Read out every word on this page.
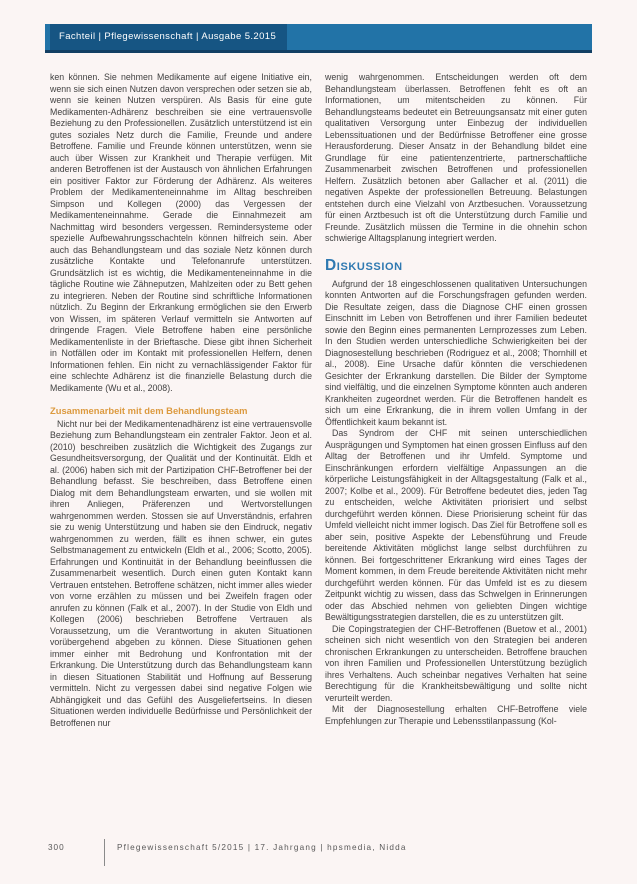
Fachteil | Pflegewissenschaft | Ausgabe 5.2015

ken können. Sie nehmen Medikamente auf eigene Initiative ein, wenn sie sich einen Nutzen davon versprechen oder setzen sie ab, wenn sie keinen Nutzen verspüren. Als Basis für eine gute Medikamenten-Adhärenz beschreiben sie eine vertrauensvolle Beziehung zu den Professionellen. Zusätzlich unterstützend ist ein gutes soziales Netz durch die Familie, Freunde und andere Betroffene. Familie und Freunde können unterstützen, wenn sie auch über Wissen zur Krankheit und Therapie verfügen. Mit anderen Betroffenen ist der Austausch von ähnlichen Erfahrungen ein positiver Faktor zur Förderung der Adhärenz. Als weiteres Problem der Medikamenteneinnahme im Alltag beschreiben Simpson und Kollegen (2000) das Vergessen der Medikamenteneinnahme. Gerade die Einnahmezeit am Nachmittag wird besonders vergessen. Remindersysteme oder spezielle Aufbewahrungsschachteln können hilfreich sein. Aber auch das Behandlungsteam und das soziale Netz können durch zusätzliche Kontakte und Telefonanrufe unterstützen. Grundsätzlich ist es wichtig, die Medikamenteneinnahme in die tägliche Routine wie Zähneputzen, Mahlzeiten oder zu Bett gehen zu integrieren. Neben der Routine sind schriftliche Informationen nützlich. Zu Beginn der Erkrankung ermöglichen sie den Erwerb von Wissen, im späteren Verlauf vermitteln sie Antworten auf dringende Fragen. Viele Betroffene haben eine persönliche Medikamentenliste in der Brieftasche. Diese gibt ihnen Sicherheit in Notfällen oder im Kontakt mit professionellen Helfern, denen Informationen fehlen. Ein nicht zu vernachlässigender Faktor für eine schlechte Adhärenz ist die finanzielle Belastung durch die Medikamente (Wu et al., 2008).

Zusammenarbeit mit dem Behandlungsteam

Nicht nur bei der Medikamentenadhärenz ist eine vertrauensvolle Beziehung zum Behandlungsteam ein zentraler Faktor. Jeon et al. (2010) beschreiben zusätzlich die Wichtigkeit des Zugangs zur Gesundheitsversorgung, der Qualität und der Kontinuität. Eldh et al. (2006) haben sich mit der Partizipation CHF-Betroffener bei der Behandlung befasst. Sie beschreiben, dass Betroffene einen Dialog mit dem Behandlungsteam erwarten, und sie wollen mit ihren Anliegen, Präferenzen und Wertvorstellungen wahrgenommen werden. Stossen sie auf Unverständnis, erfahren sie zu wenig Unterstützung und haben sie den Eindruck, negativ wahrgenommen zu werden, fällt es ihnen schwer, ein gutes Selbstmanagement zu entwickeln (Eldh et al., 2006; Scotto, 2005). Erfahrungen und Kontinuität in der Behandlung beeinflussen die Zusammenarbeit wesentlich. Durch einen guten Kontakt kann Vertrauen entstehen. Betroffene schätzen, nicht immer alles wieder von vorne erzählen zu müssen und bei Zweifeln fragen oder anrufen zu können (Falk et al., 2007). In der Studie von Eldh und Kollegen (2006) beschrieben Betroffene Vertrauen als Voraussetzung, um die Verantwortung in akuten Situationen vorübergehend abgeben zu können. Diese Situationen gehen immer einher mit Bedrohung und Konfrontation mit der Erkrankung. Die Unterstützung durch das Behandlungsteam kann in diesen Situationen Stabilität und Hoffnung auf Besserung vermitteln. Nicht zu vergessen dabei sind negative Folgen wie Abhängigkeit und das Gefühl des Ausgeliefertseins. In diesen Situationen werden individuelle Bedürfnisse und Persönlichkeit der Betroffenen nur

wenig wahrgenommen. Entscheidungen werden oft dem Behandlungsteam überlassen. Betroffenen fehlt es oft an Informationen, um mitentscheiden zu können. Für Behandlungsteams bedeutet ein Betreuungsansatz mit einer guten qualitativen Versorgung unter Einbezug der individuellen Lebenssituationen und der Bedürfnisse Betroffener eine grosse Herausforderung. Dieser Ansatz in der Behandlung bildet eine Grundlage für eine patientenzentrierte, partnerschaftliche Zusammenarbeit zwischen Betroffenen und professionellen Helfern. Zusätzlich betonen aber Gallacher et al. (2011) die negativen Aspekte der professionellen Betreuung. Belastungen entstehen durch eine Vielzahl von Arztbesuchen. Voraussetzung für einen Arztbesuch ist oft die Unterstützung durch Familie und Freunde. Zusätzlich müssen die Termine in die ohnehin schon schwierige Alltagsplanung integriert werden.

Diskussion

Aufgrund der 18 eingeschlossenen qualitativen Untersuchungen konnten Antworten auf die Forschungsfragen gefunden werden. Die Resultate zeigen, dass die Diagnose CHF einen grossen Einschnitt im Leben von Betroffenen und ihrer Familien bedeutet sowie den Beginn eines permanenten Lernprozesses zum Leben. In den Studien werden unterschiedliche Schwierigkeiten bei der Diagnosestellung beschrieben (Rodriguez et al., 2008; Thornhill et al., 2008). Eine Ursache dafür könnten die verschiedenen Gesichter der Erkrankung darstellen. Die Bilder der Symptome sind vielfältig, und die einzelnen Symptome könnten auch anderen Krankheiten zugeordnet werden. Für die Betroffenen handelt es sich um eine Erkrankung, die in ihrem vollen Umfang in der Öffentlichkeit kaum bekannt ist.

Das Syndrom der CHF mit seinen unterschiedlichen Ausprägungen und Symptomen hat einen grossen Einfluss auf den Alltag der Betroffenen und ihr Umfeld. Symptome und Einschränkungen erfordern vielfältige Anpassungen an die körperliche Leistungsfähigkeit in der Alltagsgestaltung (Falk et al., 2007; Kolbe et al., 2009). Für Betroffene bedeutet dies, jeden Tag zu entscheiden, welche Aktivitäten priorisiert und selbst durchgeführt werden können. Diese Priorisierung scheint für das Umfeld vielleicht nicht immer logisch. Das Ziel für Betroffene soll es aber sein, positive Aspekte der Lebensführung und Freude bereitende Aktivitäten möglichst lange selbst durchführen zu können. Bei fortgeschrittener Erkrankung wird eines Tages der Moment kommen, in dem Freude bereitende Aktivitäten nicht mehr durchgeführt werden können. Für das Umfeld ist es zu diesem Zeitpunkt wichtig zu wissen, dass das Schwelgen in Erinnerungen oder das Abschied nehmen von geliebten Dingen wichtige Bewältigungsstrategien darstellen, die es zu unterstützen gilt.

Die Copingstrategien der CHF-Betroffenen (Buetow et al., 2001) scheinen sich nicht wesentlich von den Strategien bei anderen chronischen Erkrankungen zu unterscheiden. Betroffene brauchen von ihren Familien und Professionellen Unterstützung bezüglich ihres Verhaltens. Auch scheinbar negatives Verhalten hat seine Berechtigung für die Krankheitsbewältigung und sollte nicht verurteilt werden.

Mit der Diagnosestellung erhalten CHF-Betroffene viele Empfehlungen zur Therapie und Lebensstilanpassung (Kol-

300	Pflegewissenschaft 5/2015 | 17. Jahrgang | hpsmedia, Nidda
